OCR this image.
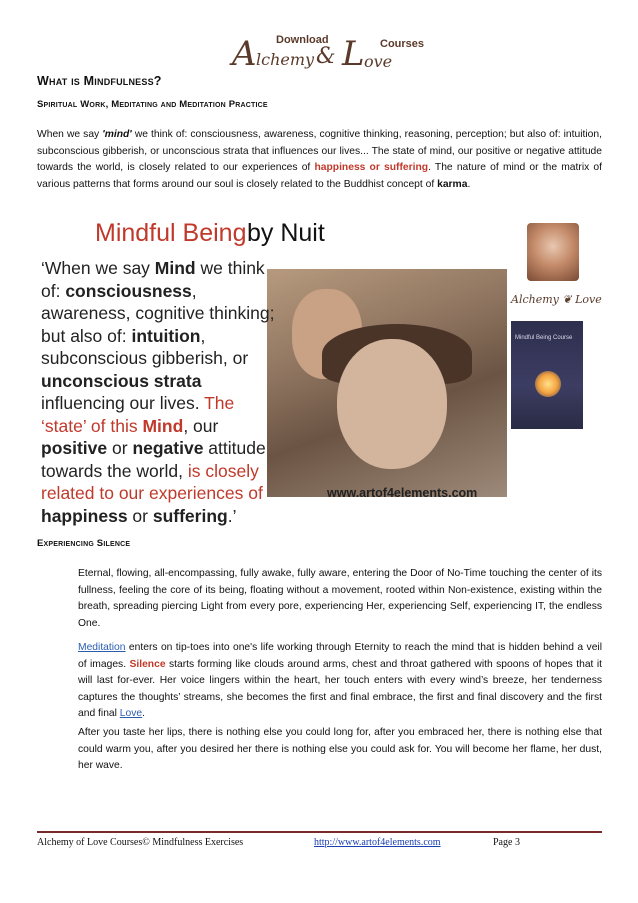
Download	Courses
A lchemy & L ove
What is Mindfulness?
Spiritual Work, Meditating and Meditation Practice
When we say 'mind' we think of: consciousness, awareness, cognitive thinking, reasoning, perception; but also of: intuition, subconscious gibberish, or unconscious strata that influences our lives... The state of mind, our positive or negative attitude towards the world, is closely related to our experiences of happiness or suffering. The nature of mind or the matrix of various patterns that forms around our soul is closely related to the Buddhist concept of karma.
Mindful Being by Nuit
‘When we say Mind we think of: consciousness, awareness, cognitive thinking; but also of: intuition, subconscious gibberish, or unconscious strata influencing our lives. The ‘state’ of this Mind, our positive or negative attitude towards the world, is closely related to our experiences of happiness or suffering.’
Alchemy ❦ Love
Mindful Being Course
www.artof4elements.com
Experiencing Silence
Eternal, flowing, all-encompassing, fully awake, fully aware, entering the Door of No-Time touching the center of its fullness, feeling the core of its being, floating without a movement, rooted within Non-existence, existing within the breath, spreading piercing Light from every pore, experiencing Her, experiencing Self, experiencing IT, the endless One.
Meditation enters on tip-toes into one's life working through Eternity to reach the mind that is hidden behind a veil of images. Silence starts forming like clouds around arms, chest and throat gathered with spoons of hopes that it will last for-ever. Her voice lingers within the heart, her touch enters with every wind’s breeze, her tenderness captures the thoughts’ streams, she becomes the first and final embrace, the first and final discovery and the first and final Love.
After you taste her lips, there is nothing else you could long for, after you embraced her, there is nothing else that could warm you, after you desired her there is nothing else you could ask for. You will become her flame, her dust, her wave.
Alchemy of Love Courses© Mindfulness Exercises	http://www.artof4elements.com	Page 3
